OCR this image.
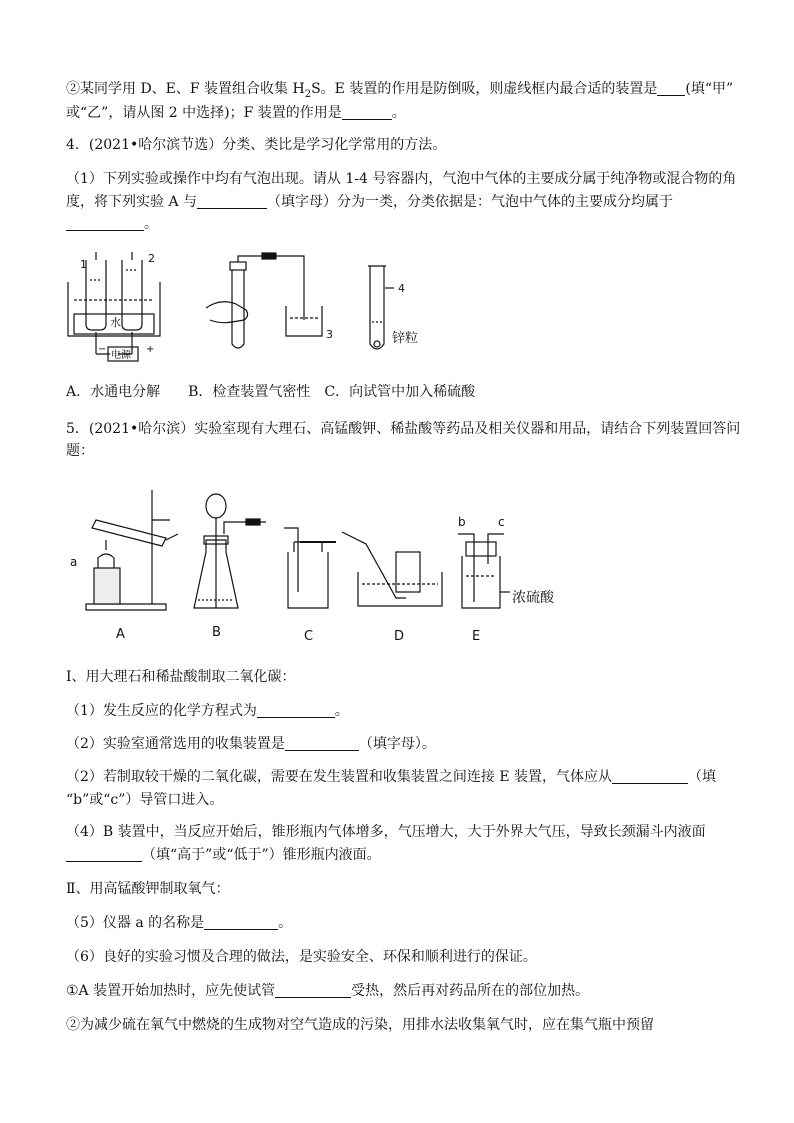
②某同学用 D、E、F 装置组合收集 $H_2S$。E 装置的作用是防倒吸，则虚线框内最合适的装置是 (填“甲”
或“乙”，请从图 2 中选择)；F 装置的作用是	。
4．(2021•哈尔滨节选）分类、类比是学习化学常用的方法。
（1）下列实验或操作中均有气泡出现。请从 1-4 号容器内，气泡中气体的主要成分属于纯净物或混合物的角
度，将下列实验 A 与	（填字母）分为一类，分类依据是：气泡中气体的主要成分均属于
。
1	2
水
电源
−	+
3
4
锌粒
A．水通电分解　　B．检查装置气密性　C．向试管中加入稀硫酸
5．(2021•哈尔滨）实验室现有大理石、高锰酸钾、稀盐酸等药品及相关仪器和用品，请结合下列装置回答问
题：
a
A	B	C	D
b	c
浓硫酸
E
Ⅰ、用大理石和稀盐酸制取二氧化碳：
（1）发生反应的化学方程式为	。
（2）实验室通常选用的收集装置是	（填字母）。
（2）若制取较干燥的二氧化碳，需要在发生装置和收集装置之间连接 E 装置，气体应从	（填
“b”或“c”）导管口进入。
（4）B 装置中，当反应开始后，锥形瓶内气体增多，气压增大，大于外界大气压，导致长颈漏斗内液面
（填“高于”或“低于”）锥形瓶内液面。
Ⅱ、用高锰酸钾制取氧气：
（5）仪器 a 的名称是	。
（6）良好的实验习惯及合理的做法，是实验安全、环保和顺利进行的保证。
①A 装置开始加热时，应先使试管	受热，然后再对药品所在的部位加热。
②为减少硫在氧气中燃烧的生成物对空气造成的污染，用排水法收集氧气时，应在集气瓶中预留
